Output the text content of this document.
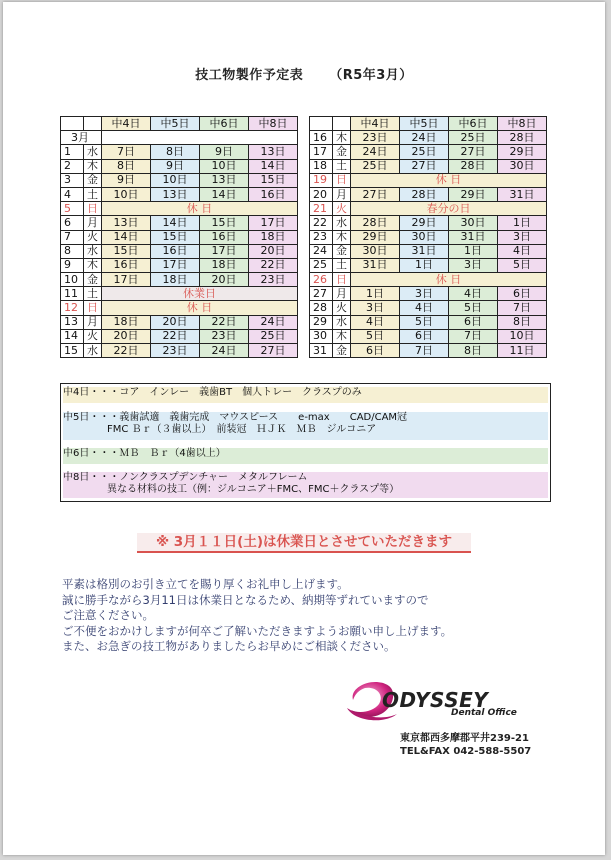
技工物製作予定表 （R5年3月）
		中4日	中5日	中6日	中8日
3月					
1	水	7日	8日	9日	13日
2	木	8日	9日	10日	14日
3	金	9日	10日	13日	15日
4	土	10日	13日	14日	16日
5	日	休 日			
6	月	13日	14日	15日	17日
7	火	14日	15日	16日	18日
8	水	15日	16日	17日	20日
9	木	16日	17日	18日	22日
10	金	17日	18日	20日	23日
11	土	休業日			
12	日	休 日			
13	月	18日	20日	22日	24日
14	火	20日	22日	23日	25日
15	水	22日	23日	24日	27日
		中4日	中5日	中6日	中8日
16	木	23日	24日	25日	28日
17	金	24日	25日	27日	29日
18	土	25日	27日	28日	30日
19	日	休 日			
20	月	27日	28日	29日	31日
21	火	春分の日			
22	水	28日	29日	30日	1日
23	木	29日	30日	31日	3日
24	金	30日	31日	1日	4日
25	土	31日	1日	3日	5日
26	日	休 日			
27	月	1日	3日	4日	6日
28	火	3日	4日	5日	7日
29	水	4日	5日	6日	8日
30	木	5日	6日	7日	10日
31	金	6日	7日	8日	11日
中4日・・・コア　インレー　義歯BT　個人トレー　クラスプのみ
中5日・・・義歯試適　義歯完成　マウスピース　　e-max　　CAD/CAM冠
FMC Ｂｒ（３歯以上）　前装冠　ＨＪＫ　ＭＢ　ジルコニア
中6日・・・ＭＢ　Ｂｒ（4歯以上）
中8日・・・ノンクラスプデンチャー　メタルフレーム
異なる材料の技工（例：ジルコニア＋FMC、FMC＋クラスプ等）
※ 3月１１日(土)は休業日とさせていただきます
平素は格別のお引き立てを賜り厚くお礼申し上げます。
誠に勝手ながら3月11日は休業日となるため、納期等ずれていますので
ご注意ください。
ご不便をおかけしますが何卒ご了解いただきますようお願い申し上げます。
また、お急ぎの技工物がありましたらお早めにご相談ください。
ODYSSEY
Dental Office
東京都西多摩郡平井239-21
TEL&FAX 042-588-5507
